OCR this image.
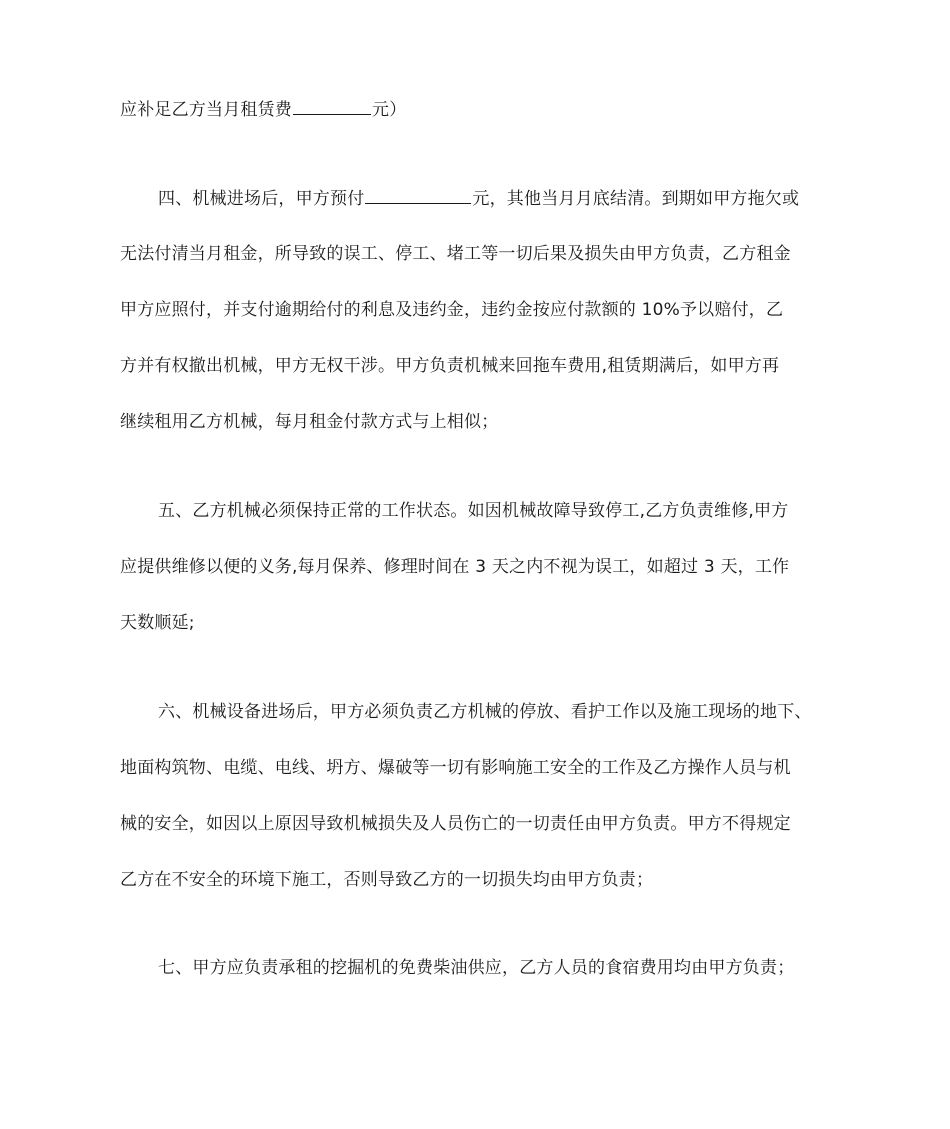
应补足乙方当月租赁费	元）
四、机械进场后，甲方预付	元，其他当月月底结清。到期如甲方拖欠或
无法付清当月租金，所导致的误工、停工、堵工等一切后果及损失由甲方负责，乙方租金
甲方应照付，并支付逾期给付的利息及违约金，违约金按应付款额的 10%予以赔付，乙
方并有权撤出机械，甲方无权干涉。甲方负责机械来回拖车费用,租赁期满后，如甲方再
继续租用乙方机械，每月租金付款方式与上相似；
五、乙方机械必须保持正常的工作状态。如因机械故障导致停工,乙方负责维修,甲方
应提供维修以便的义务,每月保养、修理时间在 3 天之内不视为误工，如超过 3 天，工作
天数顺延;
六、机械设备进场后，甲方必须负责乙方机械的停放、看护工作以及施工现场的地下、
地面构筑物、电缆、电线、坍方、爆破等一切有影响施工安全的工作及乙方操作人员与机
械的安全，如因以上原因导致机械损失及人员伤亡的一切责任由甲方负责。甲方不得规定
乙方在不安全的环境下施工，否则导致乙方的一切损失均由甲方负责；
七、甲方应负责承租的挖掘机的免费柴油供应，乙方人员的食宿费用均由甲方负责；
